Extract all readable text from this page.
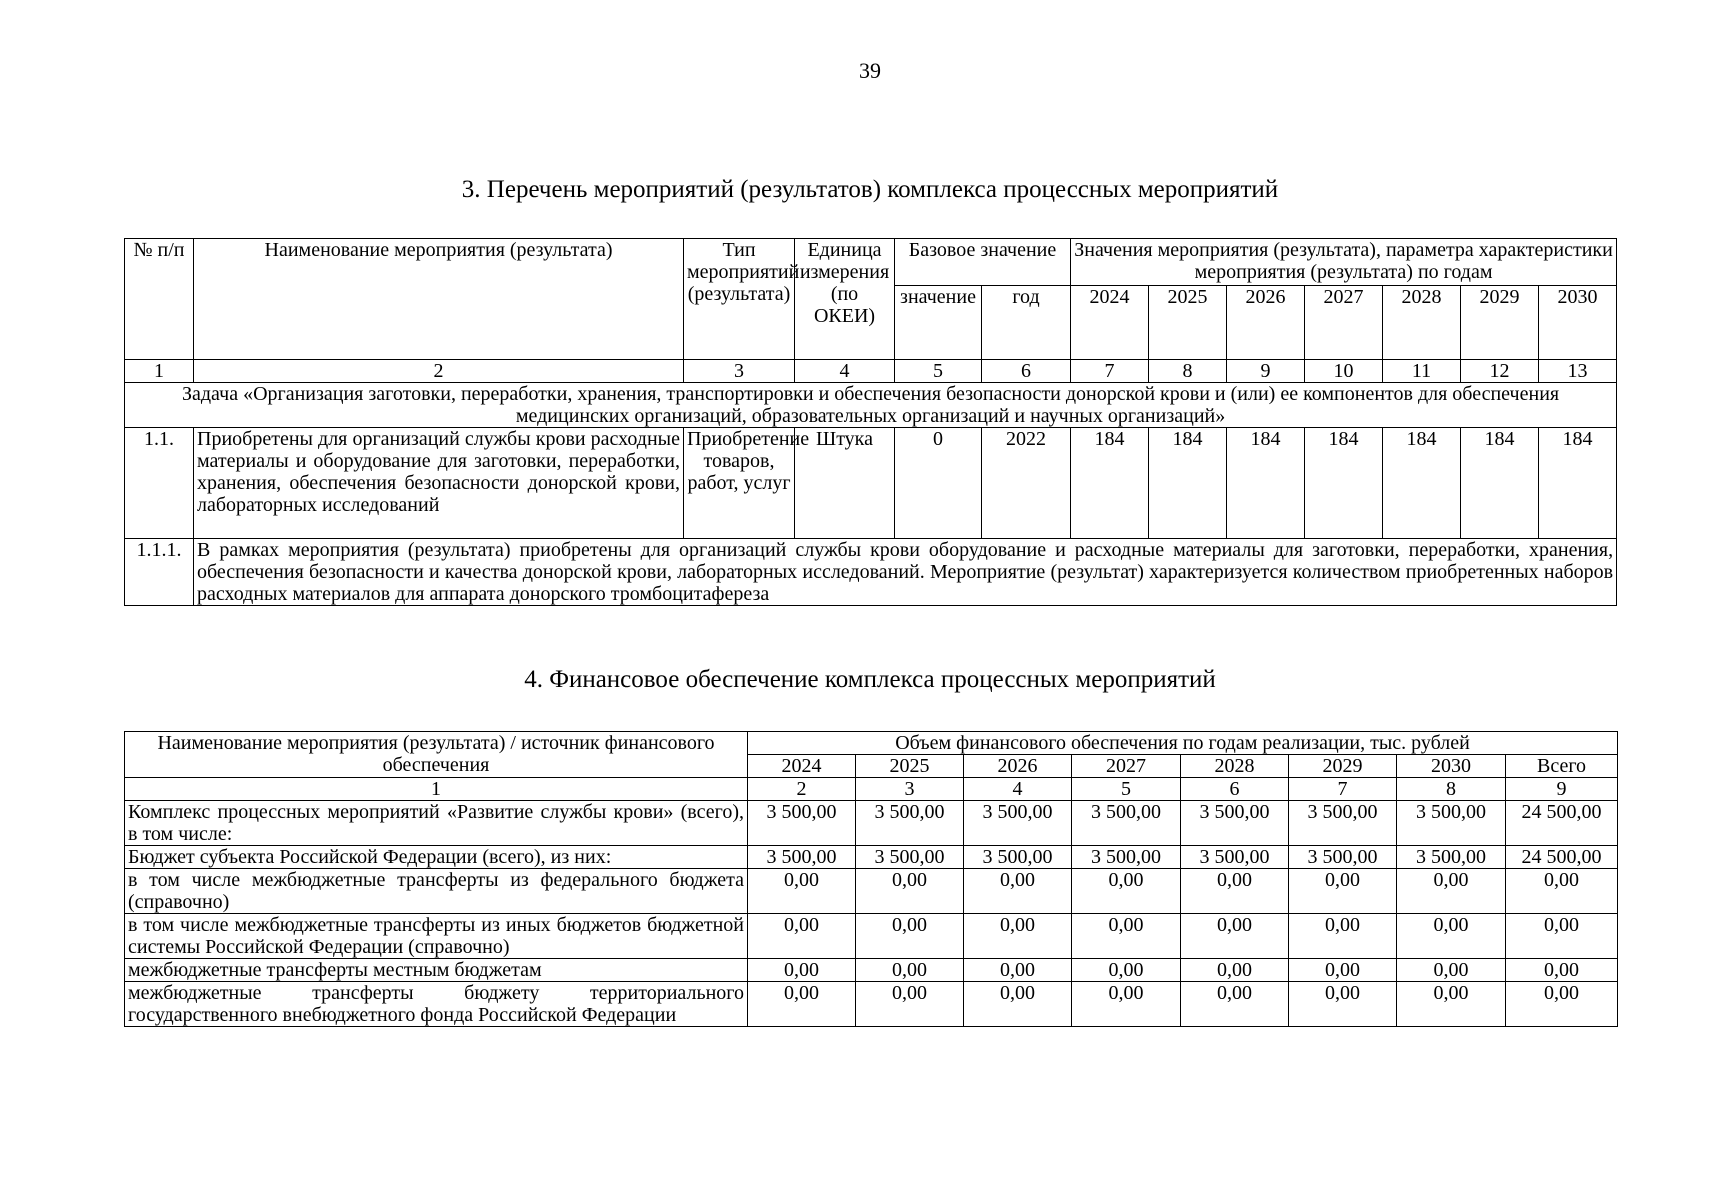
39
3. Перечень мероприятий (результатов) комплекса процессных мероприятий
№ п/п	Наименование мероприятия (результата)	Тип мероприятий (результата)	Единица измерения (по ОКЕИ)	Базовое значение		Значения мероприятия (результата), параметра характеристики мероприятия (результата) по годам						
				значение	год	2024	2025	2026	2027	2028	2029	2030
1	2	3	4	5	6	7	8	9	10	11	12	13
Задача «Организация заготовки, переработки, хранения, транспортировки и обеспечения безопасности донорской крови и (или) ее компонентов для обеспечения медицинских организаций, образовательных организаций и научных организаций»												
1.1.	Приобретены для организаций службы крови расходные материалы и оборудование для заготовки, переработки, хранения, обеспечения безопасности донорской крови, лабораторных исследований	Приобретение товаров, работ, услуг	Штука	0	2022	184	184	184	184	184	184	184
1.1.1.	В рамках мероприятия (результата) приобретены для организаций службы крови оборудование и расходные материалы для заготовки, переработки, хранения, обеспечения безопасности и качества донорской крови, лабораторных исследований. Мероприятие (результат) характеризуется количеством приобретенных наборов расходных материалов для аппарата донорского тромбоцитафереза											
4. Финансовое обеспечение комплекса процессных мероприятий
Наименование мероприятия (результата) / источник финансового обеспечения	Объем финансового обеспечения по годам реализации, тыс. рублей							
	2024	2025	2026	2027	2028	2029	2030	Всего
1	2	3	4	5	6	7	8	9
Комплекс процессных мероприятий «Развитие службы крови» (всего), в том числе:	3 500,00	3 500,00	3 500,00	3 500,00	3 500,00	3 500,00	3 500,00	24 500,00
Бюджет субъекта Российской Федерации (всего), из них:	3 500,00	3 500,00	3 500,00	3 500,00	3 500,00	3 500,00	3 500,00	24 500,00
в том числе межбюджетные трансферты из федерального бюджета (справочно)	0,00	0,00	0,00	0,00	0,00	0,00	0,00	0,00
в том числе межбюджетные трансферты из иных бюджетов бюджетной системы Российской Федерации (справочно)	0,00	0,00	0,00	0,00	0,00	0,00	0,00	0,00
межбюджетные трансферты местным бюджетам	0,00	0,00	0,00	0,00	0,00	0,00	0,00	0,00
межбюджетные трансферты бюджету территориального государственного внебюджетного фонда Российской Федерации	0,00	0,00	0,00	0,00	0,00	0,00	0,00	0,00
